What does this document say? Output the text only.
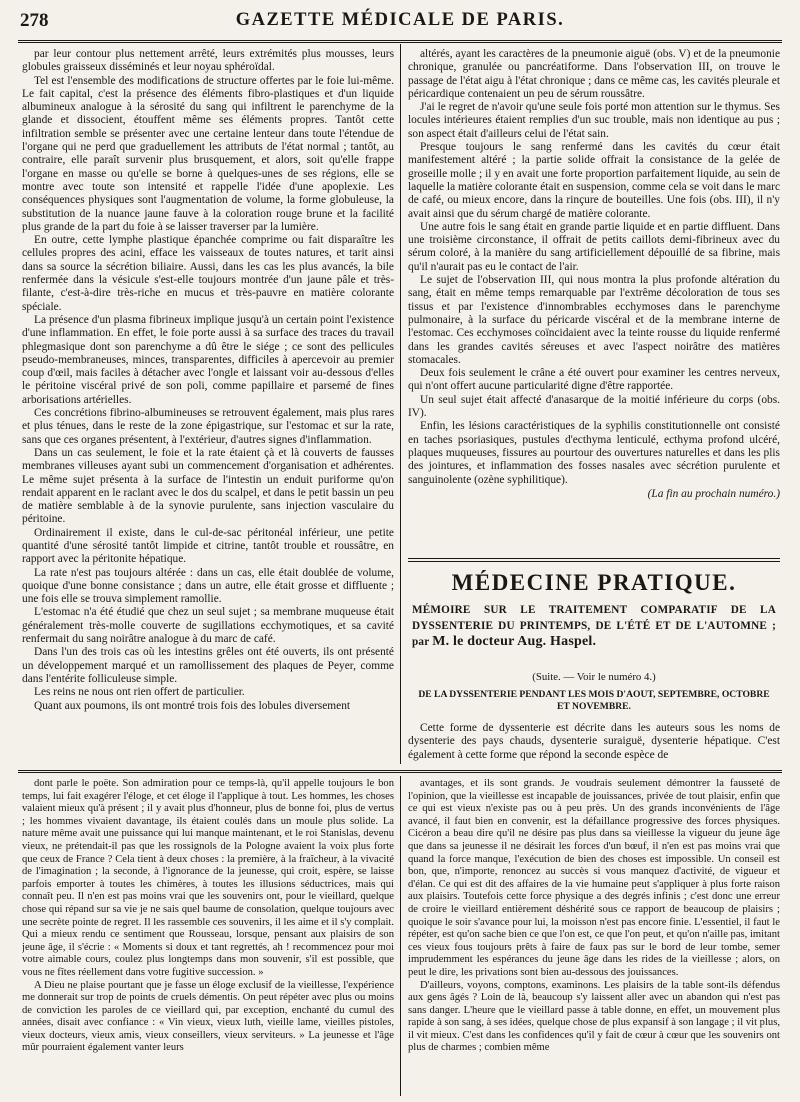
278	GAZETTE MÉDICALE DE PARIS.

par leur contour plus nettement arrêté, leurs extrémités plus mousses, leurs globules graisseux disséminés et leur noyau sphéroïdal.

Tel est l'ensemble des modifications de structure offertes par le foie lui-même. Le fait capital, c'est la présence des éléments fibro-plastiques et d'un liquide albumineux analogue à la sérosité du sang qui infiltrent le parenchyme de la glande et dissocient, étouffent même ses éléments propres. Tantôt cette infiltration semble se présenter avec une certaine lenteur dans toute l'étendue de l'organe qui ne perd que graduellement les attributs de l'état normal ; tantôt, au contraire, elle paraît survenir plus brusquement, et alors, soit qu'elle frappe l'organe en masse ou qu'elle se borne à quelques-unes de ses régions, elle se montre avec toute son intensité et rappelle l'idée d'une apoplexie. Les conséquences physiques sont l'augmentation de volume, la forme globuleuse, la substitution de la nuance jaune fauve à la coloration rouge brune et la facilité plus grande de la part du foie à se laisser traverser par la lumière.

En outre, cette lymphe plastique épanchée comprime ou fait disparaître les cellules propres des acini, efface les vaisseaux de toutes natures, et tarit ainsi dans sa source la sécrétion biliaire. Aussi, dans les cas les plus avancés, la bile renfermée dans la vésicule s'est-elle toujours montrée d'un jaune pâle et très-filante, c'est-à-dire très-riche en mucus et très-pauvre en matière colorante spéciale.

La présence d'un plasma fibrineux implique jusqu'à un certain point l'existence d'une inflammation. En effet, le foie porte aussi à sa surface des traces du travail phlegmasique dont son parenchyme a dû être le siége ; ce sont des pellicules pseudo-membraneuses, minces, transparentes, difficiles à apercevoir au premier coup d'œil, mais faciles à détacher avec l'ongle et laissant voir au-dessous d'elles le péritoine viscéral privé de son poli, comme papillaire et parsemé de fines arborisations artérielles.

Ces concrétions fibrino-albumineuses se retrouvent également, mais plus rares et plus ténues, dans le reste de la zone épigastrique, sur l'estomac et sur la rate, sans que ces organes présentent, à l'extérieur, d'autres signes d'inflammation.

Dans un cas seulement, le foie et la rate étaient çà et là couverts de fausses membranes villeuses ayant subi un commencement d'organisation et adhérentes. Le même sujet présenta à la surface de l'intestin un enduit puriforme qu'on rendait apparent en le raclant avec le dos du scalpel, et dans le petit bassin un peu de matière semblable à de la synovie purulente, sans injection vasculaire du péritoine.

Ordinairement il existe, dans le cul-de-sac péritonéal inférieur, une petite quantité d'une sérosité tantôt limpide et citrine, tantôt trouble et roussâtre, en rapport avec la péritonite hépatique.

La rate n'est pas toujours altérée : dans un cas, elle était doublée de volume, quoique d'une bonne consistance ; dans un autre, elle était grosse et diffluente ; une fois elle se trouva simplement ramollie.

L'estomac n'a été étudié que chez un seul sujet ; sa membrane muqueuse était généralement très-molle couverte de sugillations ecchymotiques, et sa cavité renfermait du sang noirâtre analogue à du marc de café.

Dans l'un des trois cas où les intestins grêles ont été ouverts, ils ont présenté un développement marqué et un ramollissement des plaques de Peyer, comme dans l'entérite folliculeuse simple.

Les reins ne nous ont rien offert de particulier.

Quant aux poumons, ils ont montré trois fois des lobules diversement

altérés, ayant les caractères de la pneumonie aiguë (obs. V) et de la pneumonie chronique, granulée ou pancréatiforme. Dans l'observation III, on trouve le passage de l'état aigu à l'état chronique ; dans ce même cas, les cavités pleurale et péricardique contenaient un peu de sérum roussâtre.

J'ai le regret de n'avoir qu'une seule fois porté mon attention sur le thymus. Ses locules intérieures étaient remplies d'un suc trouble, mais non identique au pus ; son aspect était d'ailleurs celui de l'état sain.

Presque toujours le sang renfermé dans les cavités du cœur était manifestement altéré ; la partie solide offrait la consistance de la gelée de groseille molle ; il y en avait une forte proportion parfaitement liquide, au sein de laquelle la matière colorante était en suspension, comme cela se voit dans le marc de café, ou mieux encore, dans la rinçure de bouteilles. Une fois (obs. III), il n'y avait ainsi que du sérum chargé de matière colorante.

Une autre fois le sang était en grande partie liquide et en partie diffluent. Dans une troisième circonstance, il offrait de petits caillots demi-fibrineux avec du sérum coloré, à la manière du sang artificiellement dépouillé de sa fibrine, mais qu'il n'aurait pas eu le contact de l'air.

Le sujet de l'observation III, qui nous montra la plus profonde altération du sang, était en même temps remarquable par l'extrême décoloration de tous ses tissus et par l'existence d'innombrables ecchymoses dans le parenchyme pulmonaire, à la surface du péricarde viscéral et de la membrane interne de l'estomac. Ces ecchymoses coïncidaient avec la teinte rousse du liquide renfermé dans les grandes cavités séreuses et avec l'aspect noirâtre des matières stomacales.

Deux fois seulement le crâne a été ouvert pour examiner les centres nerveux, qui n'ont offert aucune particularité digne d'être rapportée.

Un seul sujet était affecté d'anasarque de la moitié inférieure du corps (obs. IV).

Enfin, les lésions caractéristiques de la syphilis constitutionnelle ont consisté en taches psoriasiques, pustules d'ecthyma lenticulé, ecthyma profond ulcéré, plaques muqueuses, fissures au pourtour des ouvertures naturelles et dans les plis des jointures, et inflammation des fosses nasales avec sécrétion purulente et sanguinolente (ozène syphilitique).

(La fin au prochain numéro.)

MÉDECINE PRATIQUE.
MÉMOIRE SUR LE TRAITEMENT COMPARATIF DE LA DYSSENTERIE DU PRINTEMPS, DE L'ÉTÉ ET DE L'AUTOMNE ; par M. le docteur Aug. Haspel.
(Suite. — Voir le numéro 4.)
DE LA DYSSENTERIE PENDANT LES MOIS D'AOUT, SEPTEMBRE, OCTOBRE ET NOVEMBRE.

Cette forme de dyssenterie est décrite dans les auteurs sous les noms de dysenterie des pays chauds, dysenterie suraiguë, dysenterie hépatique. C'est également à cette forme que répond la seconde espèce de

dont parle le poëte. Son admiration pour ce temps-là, qu'il appelle toujours le bon temps, lui fait exagérer l'éloge, et cet éloge il l'applique à tout. Les hommes, les choses valaient mieux qu'à présent ; il y avait plus d'honneur, plus de bonne foi, plus de vertus ; les hommes vivaient davantage, ils étaient coulés dans un moule plus solide. La nature même avait une puissance qui lui manque maintenant, et le roi Stanislas, devenu vieux, ne prétendait-il pas que les rossignols de la Pologne avaient la voix plus forte que ceux de France ? Cela tient à deux choses : la première, à la fraîcheur, à la vivacité de l'imagination ; la seconde, à l'ignorance de la jeunesse, qui croit, espère, se laisse parfois emporter à toutes les chimères, à toutes les illusions séductrices, mais qui connaît peu. Il n'en est pas moins vrai que les souvenirs ont, pour le vieillard, quelque chose qui répand sur sa vie je ne sais quel baume de consolation, quelque toujours avec une secrète pointe de regret. Il les rassemble ces souvenirs, il les aime et il s'y complait. Qui a mieux rendu ce sentiment que Rousseau, lorsque, pensant aux plaisirs de son jeune âge, il s'écrie : « Moments si doux et tant regrettés, ah ! recommencez pour moi votre aimable cours, coulez plus longtemps dans mon souvenir, s'il est possible, que vous ne fîtes réellement dans votre fugitive succession. »

A Dieu ne plaise pourtant que je fasse un éloge exclusif de la vieillesse, l'expérience me donnerait sur trop de points de cruels démentis. On peut répéter avec plus ou moins de conviction les paroles de ce vieillard qui, par exception, enchanté du cumul des années, disait avec confiance : « Vin vieux, vieux luth, vieille lame, vieilles pistoles, vieux docteurs, vieux amis, vieux conseillers, vieux serviteurs. » La jeunesse et l'âge mûr pourraient également vanter leurs

avantages, et ils sont grands. Je voudrais seulement démontrer la fausseté de l'opinion, que la vieillesse est incapable de jouissances, privée de tout plaisir, enfin que ce qui est vieux n'existe pas ou à peu près. Un des grands inconvénients de l'âge avancé, il faut bien en convenir, est la défaillance progressive des forces physiques. Cicéron a beau dire qu'il ne désire pas plus dans sa vieillesse la vigueur du jeune âge que dans sa jeunesse il ne désirait les forces d'un bœuf, il n'en est pas moins vrai que quand la force manque, l'exécution de bien des choses est impossible. Un conseil est bon, que, n'importe, renoncez au succès si vous manquez d'activité, de vigueur et d'élan. Ce qui est dit des affaires de la vie humaine peut s'appliquer à plus forte raison aux plaisirs. Toutefois cette force physique a des degrés infinis ; c'est donc une erreur de croire le vieillard entièrement déshérité sous ce rapport de beaucoup de plaisirs ; quoique le soir s'avance pour lui, la moisson n'est pas encore finie. L'essentiel, il faut le répéter, est qu'on sache bien ce que l'on est, ce que l'on peut, et qu'on n'aille pas, imitant ces vieux fous toujours prêts à faire de faux pas sur le bord de leur tombe, semer imprudemment les espérances du jeune âge dans les rides de la vieillesse ; alors, on peut le dire, les privations sont bien au-dessous des jouissances.

D'ailleurs, voyons, comptons, examinons. Les plaisirs de la table sont-ils défendus aux gens âgés ? Loin de là, beaucoup s'y laissent aller avec un abandon qui n'est pas sans danger. L'heure que le vieillard passe à table donne, en effet, un mouvement plus rapide à son sang, à ses idées, quelque chose de plus expansif à son langage ; il vit plus, il vit mieux. C'est dans les confidences qu'il y fait de cœur à cœur que les souvenirs ont plus de charmes ; combien même
